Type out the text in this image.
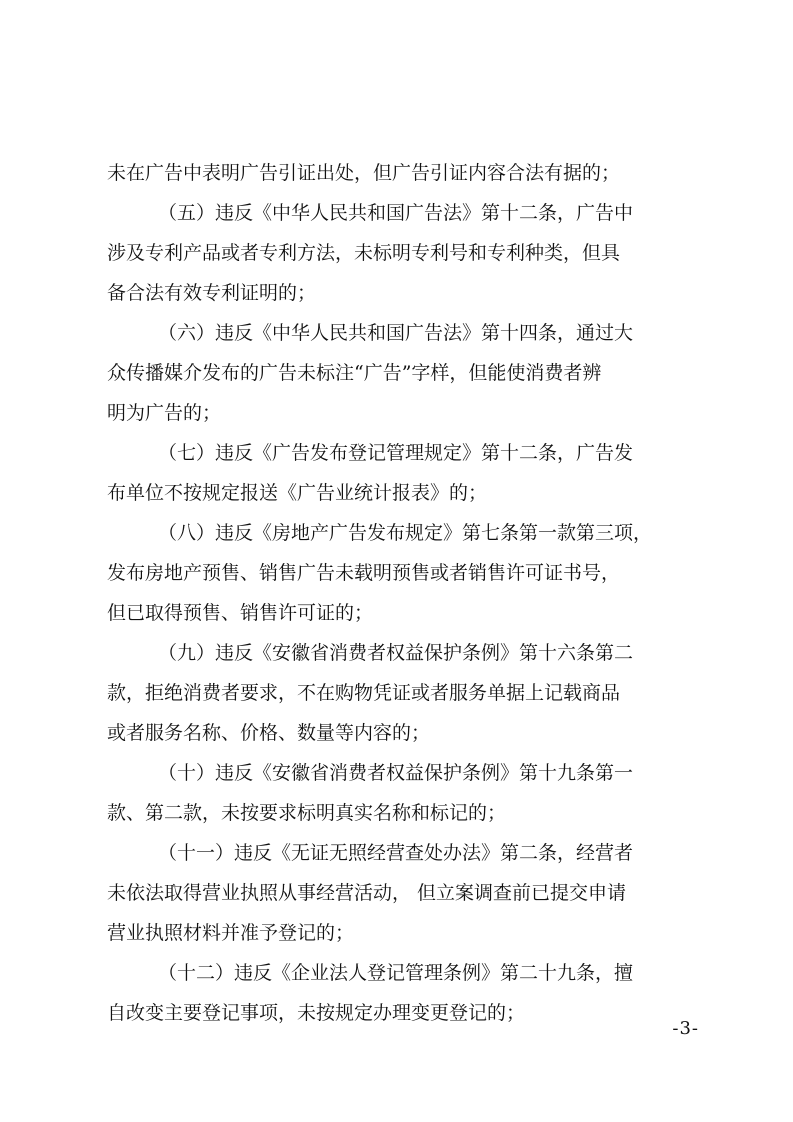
未在广告中表明广告引证出处，但广告引证内容合法有据的；
（五）违反《中华人民共和国广告法》第十二条，广告中
涉及专利产品或者专利方法，未标明专利号和专利种类，但具
备合法有效专利证明的；
（六）违反《中华人民共和国广告法》第十四条，通过大
众传播媒介发布的广告未标注“广告”字样，但能使消费者辨
明为广告的；
（七）违反《广告发布登记管理规定》第十二条，广告发
布单位不按规定报送《广告业统计报表》的；
（八）违反《房地产广告发布规定》第七条第一款第三项，
发布房地产预售、销售广告未载明预售或者销售许可证书号，
但已取得预售、销售许可证的；
（九）违反《安徽省消费者权益保护条例》第十六条第二
款，拒绝消费者要求，不在购物凭证或者服务单据上记载商品
或者服务名称、价格、数量等内容的；
（十）违反《安徽省消费者权益保护条例》第十九条第一
款、第二款，未按要求标明真实名称和标记的；
（十一）违反《无证无照经营查处办法》第二条，经营者
未依法取得营业执照从事经营活动， 但立案调查前已提交申请
营业执照材料并准予登记的；
（十二）违反《企业法人登记管理条例》第二十九条，擅
自改变主要登记事项，未按规定办理变更登记的；
-3-
